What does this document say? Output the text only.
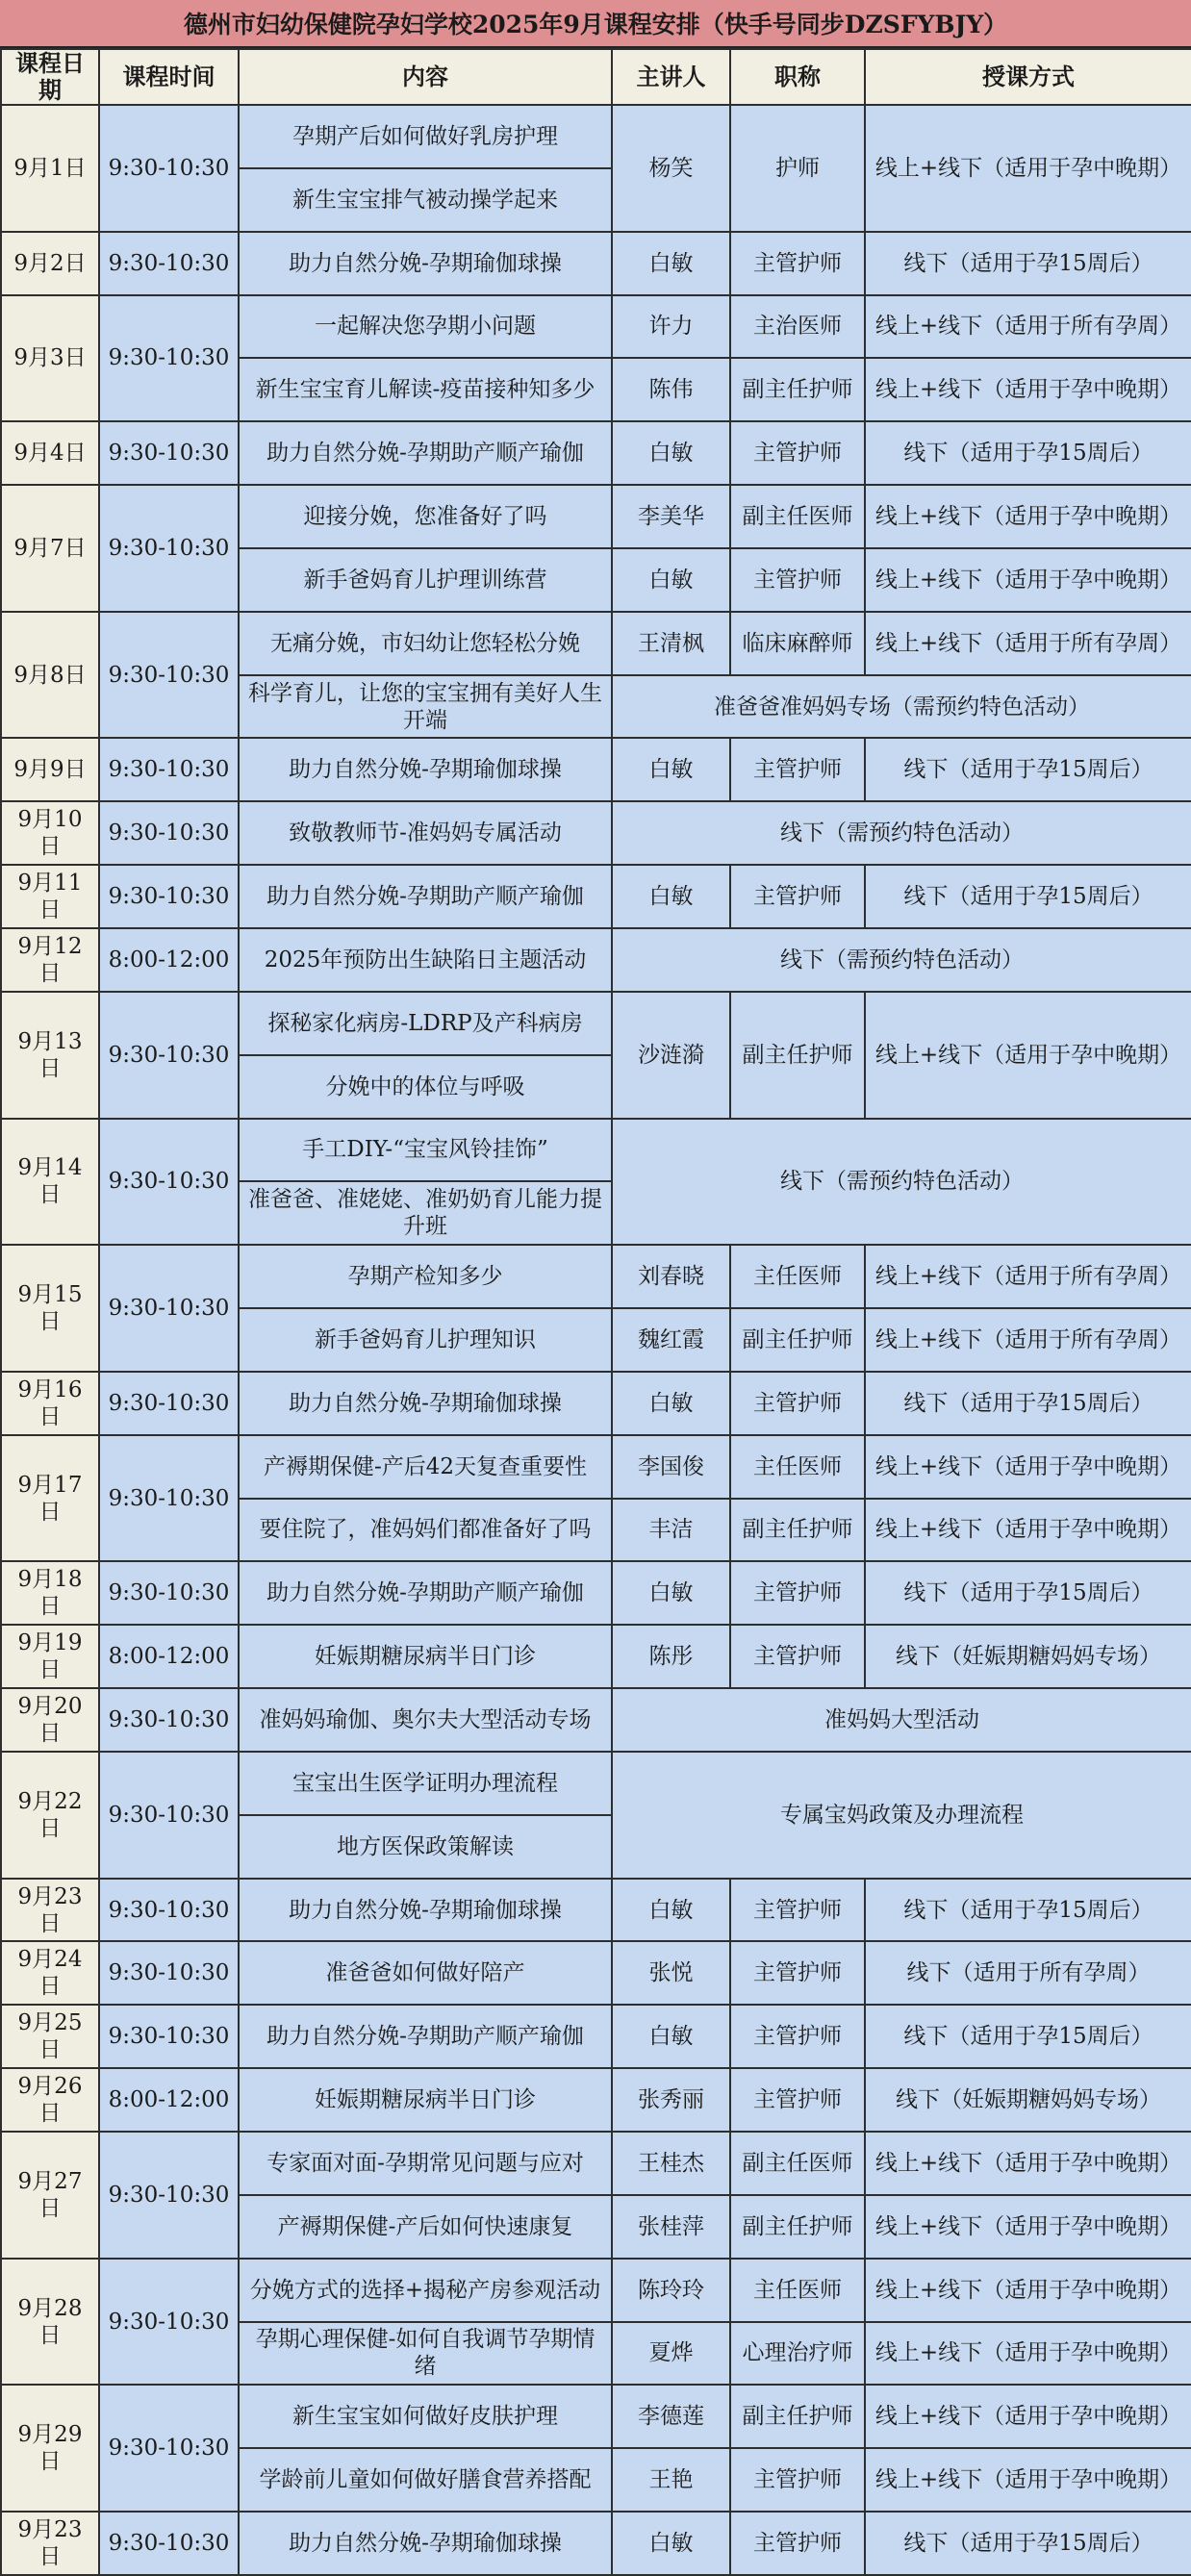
德州市妇幼保健院孕妇学校2025年9月课程安排（快手号同步DZSFYBJY）
课程日期	课程时间	内容	主讲人	职称	授课方式
9月1日	9:30-10:30	孕期产后如何做好乳房护理	杨笑	护师	线上+线下（适用于孕中晚期）
		新生宝宝排气被动操学起来			
9月2日	9:30-10:30	助力自然分娩-孕期瑜伽球操	白敏	主管护师	线下（适用于孕15周后）
9月3日	9:30-10:30	一起解决您孕期小问题	许力	主治医师	线上+线下（适用于所有孕周）
		新生宝宝育儿解读-疫苗接种知多少	陈伟	副主任护师	线上+线下（适用于孕中晚期）
9月4日	9:30-10:30	助力自然分娩-孕期助产顺产瑜伽	白敏	主管护师	线下（适用于孕15周后）
9月7日	9:30-10:30	迎接分娩，您准备好了吗	李美华	副主任医师	线上+线下（适用于孕中晚期）
		新手爸妈育儿护理训练营	白敏	主管护师	线上+线下（适用于孕中晚期）
9月8日	9:30-10:30	无痛分娩，市妇幼让您轻松分娩	王清枫	临床麻醉师	线上+线下（适用于所有孕周）
		科学育儿，让您的宝宝拥有美好人生开端	准爸爸准妈妈专场（需预约特色活动）		
9月9日	9:30-10:30	助力自然分娩-孕期瑜伽球操	白敏	主管护师	线下（适用于孕15周后）
9月10日	9:30-10:30	致敬教师节-准妈妈专属活动	线下（需预约特色活动）		
9月11日	9:30-10:30	助力自然分娩-孕期助产顺产瑜伽	白敏	主管护师	线下（适用于孕15周后）
9月12日	8:00-12:00	2025年预防出生缺陷日主题活动	线下（需预约特色活动）		
9月13日	9:30-10:30	探秘家化病房-LDRP及产科病房	沙涟漪	副主任护师	线上+线下（适用于孕中晚期）
		分娩中的体位与呼吸			
9月14日	9:30-10:30	手工DIY-“宝宝风铃挂饰”	线下（需预约特色活动）		
		准爸爸、准姥姥、准奶奶育儿能力提升班			
9月15日	9:30-10:30	孕期产检知多少	刘春晓	主任医师	线上+线下（适用于所有孕周）
		新手爸妈育儿护理知识	魏红霞	副主任护师	线上+线下（适用于所有孕周）
9月16日	9:30-10:30	助力自然分娩-孕期瑜伽球操	白敏	主管护师	线下（适用于孕15周后）
9月17日	9:30-10:30	产褥期保健-产后42天复查重要性	李国俊	主任医师	线上+线下（适用于孕中晚期）
		要住院了，准妈妈们都准备好了吗	丰洁	副主任护师	线上+线下（适用于孕中晚期）
9月18日	9:30-10:30	助力自然分娩-孕期助产顺产瑜伽	白敏	主管护师	线下（适用于孕15周后）
9月19日	8:00-12:00	妊娠期糖尿病半日门诊	陈彤	主管护师	线下（妊娠期糖妈妈专场）
9月20日	9:30-10:30	准妈妈瑜伽、奥尔夫大型活动专场	准妈妈大型活动		
9月22日	9:30-10:30	宝宝出生医学证明办理流程	专属宝妈政策及办理流程		
		地方医保政策解读			
9月23日	9:30-10:30	助力自然分娩-孕期瑜伽球操	白敏	主管护师	线下（适用于孕15周后）
9月24日	9:30-10:30	准爸爸如何做好陪产	张悦	主管护师	线下（适用于所有孕周）
9月25日	9:30-10:30	助力自然分娩-孕期助产顺产瑜伽	白敏	主管护师	线下（适用于孕15周后）
9月26日	8:00-12:00	妊娠期糖尿病半日门诊	张秀丽	主管护师	线下（妊娠期糖妈妈专场）
9月27日	9:30-10:30	专家面对面-孕期常见问题与应对	王桂杰	副主任医师	线上+线下（适用于孕中晚期）
		产褥期保健-产后如何快速康复	张桂萍	副主任护师	线上+线下（适用于孕中晚期）
9月28日	9:30-10:30	分娩方式的选择+揭秘产房参观活动	陈玲玲	主任医师	线上+线下（适用于孕中晚期）
		孕期心理保健-如何自我调节孕期情绪	夏烨	心理治疗师	线上+线下（适用于孕中晚期）
9月29日	9:30-10:30	新生宝宝如何做好皮肤护理	李德莲	副主任护师	线上+线下（适用于孕中晚期）
		学龄前儿童如何做好膳食营养搭配	王艳	主管护师	线上+线下（适用于孕中晚期）
9月23日	9:30-10:30	助力自然分娩-孕期瑜伽球操	白敏	主管护师	线下（适用于孕15周后）
